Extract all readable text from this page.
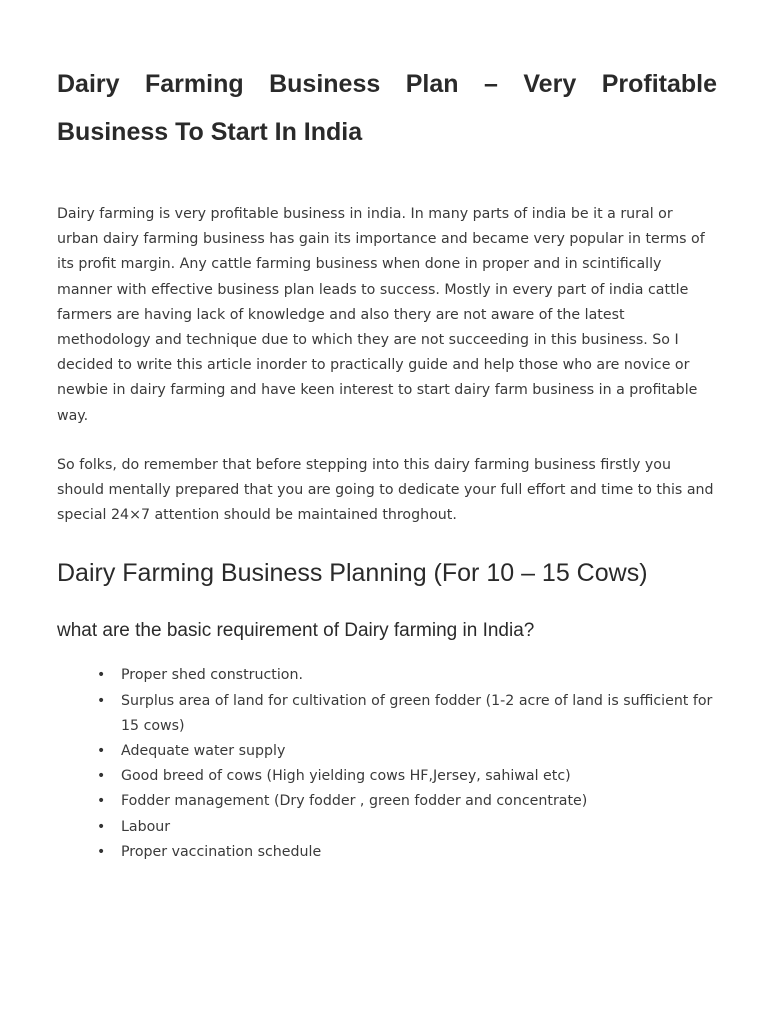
Dairy Farming Business Plan – Very Profitable Business To Start In India

Dairy farming is very profitable business in india. In many parts of india be it a rural or urban dairy farming business has gain its importance and became very popular in terms of its profit margin. Any cattle farming business when done in proper and in scintifically manner with effective business plan leads to success. Mostly in every part of india cattle farmers are having lack of knowledge and also thery are not aware of the latest methodology and technique due to which they are not succeeding in this business. So I decided to write this article inorder to practically guide and help those who are novice or newbie in dairy farming and have keen interest to start dairy farm business in a profitable way.

So folks, do remember that before stepping into this dairy farming business firstly you should mentally prepared that you are going to dedicate your full effort and time to this and special 24×7 attention should be maintained throghout.

Dairy Farming Business Planning (For 10 – 15 Cows)
what are the basic requirement of Dairy farming in India?
• Proper shed construction.
• Surplus area of land for cultivation of green fodder (1-2 acre of land is sufficient for 15 cows)
• Adequate water supply
• Good breed of cows (High yielding cows HF,Jersey, sahiwal etc)
• Fodder management (Dry fodder , green fodder and concentrate)
• Labour
• Proper vaccination schedule
